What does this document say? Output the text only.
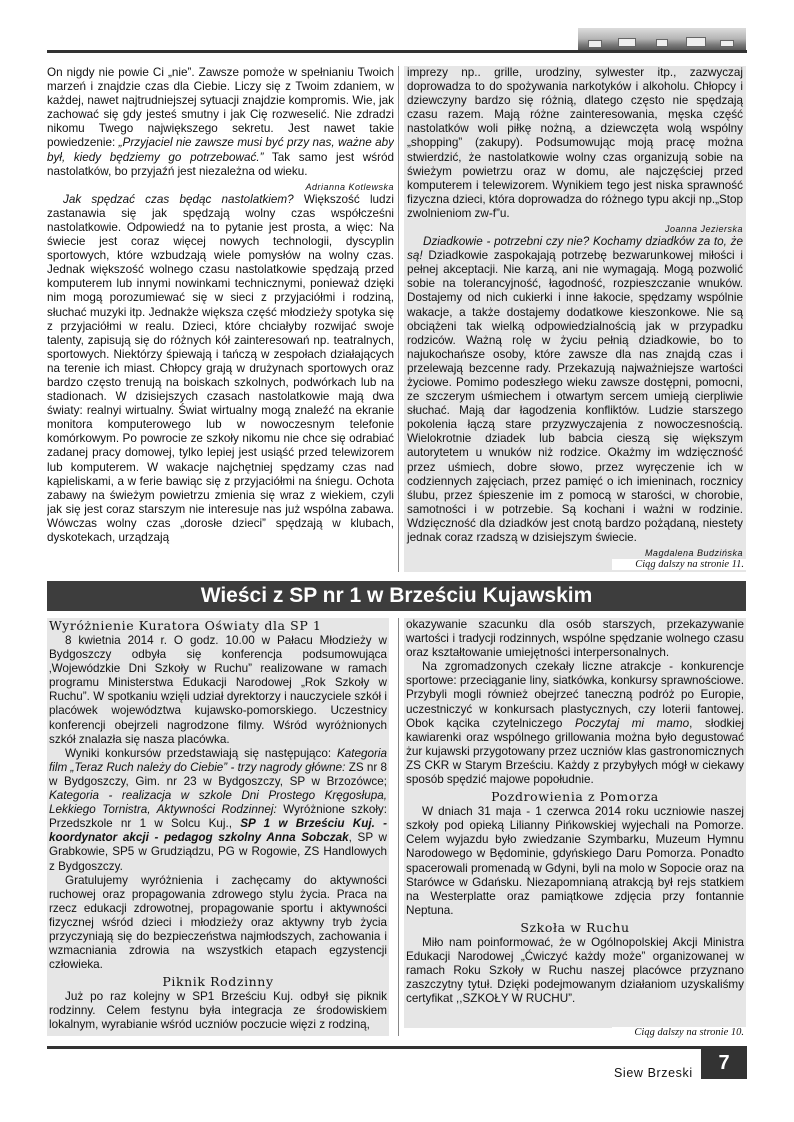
On nigdy nie powie Ci „nie”. Zawsze pomoże w spełnianiu Twoich marzeń i znajdzie czas dla Ciebie. Liczy się z Twoim zdaniem, w każdej, nawet najtrudniejszej sytuacji znajdzie kompromis. Wie, jak zachować się gdy jesteś smutny i jak Cię rozweselić. Nie zdradzi nikomu Twego największego sekretu. Jest nawet takie powiedzenie: „Przyjaciel nie zawsze musi być przy nas, ważne aby był, kiedy będziemy go potrzebować.” Tak samo jest wśród nastolatków, bo przyjaźń jest niezależna od wieku.

Adrianna Kotlewska

Jak spędzać czas będąc nastolatkiem? Większość ludzi zastanawia się jak spędzają wolny czas współcześni nastolatkowie. Odpowiedź na to pytanie jest prosta, a więc: Na świecie jest coraz więcej nowych technologii, dyscyplin sportowych, które wzbudzają wiele pomysłów na wolny czas. Jednak większość wolnego czasu nastolatkowie spędzają przed komputerem lub innymi nowinkami technicznymi, ponieważ dzięki nim mogą porozumiewać się w sieci z przyjaciółmi i rodziną, słuchać muzyki itp. Jednakże większa część młodzieży spotyka się z przyjaciółmi w realu. Dzieci, które chciałyby rozwijać swoje talenty, zapisują się do różnych kół zainteresowań np. teatralnych, sportowych. Niektórzy śpiewają i tańczą w zespołach działających na terenie ich miast. Chłopcy grają w drużynach sportowych oraz bardzo często trenują na boiskach szkolnych, podwórkach lub na stadionach. W dzisiejszych czasach nastolatkowie mają dwa światy: realnyi wirtualny. Świat wirtualny mogą znaleźć na ekranie monitora komputerowego lub w nowoczesnym telefonie komórkowym. Po powrocie ze szkoły nikomu nie chce się odrabiać zadanej pracy domowej, tylko lepiej jest usiąść przed telewizorem lub komputerem. W wakacje najchętniej spędzamy czas nad kąpieliskami, a w ferie bawiąc się z przyjaciółmi na śniegu. Ochota zabawy na świeżym powietrzu zmienia się wraz z wiekiem, czyli jak się jest coraz starszym nie interesuje nas już wspólna zabawa. Wówczas wolny czas „dorosłe dzieci” spędzają w klubach, dyskotekach, urządzają

imprezy np.. grille, urodziny, sylwester itp., zazwyczaj doprowadza to do spożywania narkotyków i alkoholu. Chłopcy i dziewczyny bardzo się różnią, dlatego często nie spędzają czasu razem. Mają różne zainteresowania, męska część nastolatków woli piłkę nożną, a dziewczęta wolą wspólny „shopping” (zakupy). Podsumowując moją pracę można stwierdzić, że nastolatkowie wolny czas organizują sobie na świeżym powietrzu oraz w domu, ale najczęściej przed komputerem i telewizorem. Wynikiem tego jest niska sprawność fizyczna dzieci, która doprowadza do różnego typu akcji np.„Stop zwolnieniom zw-f”u.

Joanna Jezierska

Dziadkowie - potrzebni czy nie? Kochamy dziadków za to, że są! Dziadkowie zaspokajają potrzebę bezwarunkowej miłości i pełnej akceptacji. Nie karzą, ani nie wymagają. Mogą pozwolić sobie na tolerancyjność, łagodność, rozpieszczanie wnuków. Dostajemy od nich cukierki i inne łakocie, spędzamy wspólnie wakacje, a także dostajemy dodatkowe kieszonkowe. Nie są obciążeni tak wielką odpowiedzialnością jak w przypadku rodziców. Ważną rolę w życiu pełnią dziadkowie, bo to najukochańsze osoby, które zawsze dla nas znajdą czas i przelewają bezcenne rady. Przekazują najważniejsze wartości życiowe. Pomimo podeszłego wieku zawsze dostępni, pomocni, ze szczerym uśmiechem i otwartym sercem umieją cierpliwie słuchać. Mają dar łagodzenia konfliktów. Ludzie starszego pokolenia łączą stare przyzwyczajenia z nowoczesnością. Wielokrotnie dziadek lub babcia cieszą się większym autorytetem u wnuków niż rodzice. Okażmy im wdzięczność przez uśmiech, dobre słowo, przez wyręczenie ich w codziennych zajęciach, przez pamięć o ich imieninach, rocznicy ślubu, przez śpieszenie im z pomocą w starości, w chorobie, samotności i w potrzebie. Są kochani i ważni w rodzinie. Wdzięczność dla dziadków jest cnotą bardzo pożądaną, niestety jednak coraz rzadszą w dzisiejszym świecie.

Magdalena Budzińska
Ciąg dalszy na stronie 11.
Wieści z SP nr 1 w Brześciu Kujawskim
Wyróżnienie Kuratora Oświaty dla SP 1

8 kwietnia 2014 r. O godz. 10.00 w Pałacu Młodzieży w Bydgoszczy odbyła się konferencja podsumowująca ‚Wojewódzkie Dni Szkoły w Ruchu” realizowane w ramach programu Ministerstwa Edukacji Narodowej „Rok Szkoły w Ruchu”. W spotkaniu wzięli udział dyrektorzy i nauczyciele szkół i placówek województwa kujawsko-pomorskiego. Uczestnicy konferencji obejrzeli nagrodzone filmy. Wśród wyróżnionych szkół znalazła się nasza placówka.

Wyniki konkursów przedstawiają się następująco: Kategoria film „Teraz Ruch należy do Ciebie” - trzy nagrody główne: ZS nr 8 w Bydgoszczy, Gim. nr 23 w Bydgoszczy, SP w Brzozówce; Kategoria - realizacja w szkole Dni Prostego Kręgosłupa, Lekkiego Tornistra, Aktywności Rodzinnej: Wyróżnione szkoły: Przedszkole nr 1 w Solcu Kuj., SP 1 w Brześciu Kuj. - koordynator akcji - pedagog szkolny Anna Sobczak, SP w Grabkowie, SP5 w Grudziądzu, PG w Rogowie, ZS Handlowych z Bydgoszczy.

Gratulujemy wyróżnienia i zachęcamy do aktywności ruchowej oraz propagowania zdrowego stylu życia. Praca na rzecz edukacji zdrowotnej, propagowanie sportu i aktywności fizycznej wśród dzieci i młodzieży oraz aktywny tryb życia przyczyniają się do bezpieczeństwa najmłodszych, zachowania i wzmacniania zdrowia na wszystkich etapach egzystencji człowieka.

Piknik Rodzinny

Już po raz kolejny w SP1 Brześciu Kuj. odbył się piknik rodzinny. Celem festynu była integracja ze środowiskiem lokalnym, wyrabianie wśród uczniów poczucie więzi z rodziną,

okazywanie szacunku dla osób starszych, przekazywanie wartości i tradycji rodzinnych, wspólne spędzanie wolnego czasu oraz kształtowanie umiejętności interpersonalnych.

Na zgromadzonych czekały liczne atrakcje - konkurencje sportowe: przeciąganie liny, siatkówka, konkursy sprawnościowe. Przybyli mogli również obejrzeć taneczną podróż po Europie, uczestniczyć w konkursach plastycznych, czy loterii fantowej. Obok kącika czytelniczego Poczytaj mi mamo, słodkiej kawiarenki oraz wspólnego grillowania można było degustować żur kujawski przygotowany przez uczniów klas gastronomicznych ZS CKR w Starym Brześciu. Każdy z przybyłych mógł w ciekawy sposób spędzić majowe popołudnie.

Pozdrowienia z Pomorza

W dniach 31 maja - 1 czerwca 2014 roku uczniowie naszej szkoły pod opieką Lilianny Pińkowskiej wyjechali na Pomorze. Celem wyjazdu było zwiedzanie Szymbarku, Muzeum Hymnu Narodowego w Będominie, gdyńskiego Daru Pomorza. Ponadto spacerowali promenadą w Gdyni, byli na molo w Sopocie oraz na Starówce w Gdańsku. Niezapomnianą atrakcją był rejs statkiem na Westerplatte oraz pamiątkowe zdjęcia przy fontannie Neptuna.

Szkoła w Ruchu

Miło nam poinformować, że w Ogólnopolskiej Akcji Ministra Edukacji Narodowej „Ćwiczyć każdy może” organizowanej w ramach Roku Szkoły w Ruchu naszej placówce przyznano zaszczytny tytuł. Dzięki podejmowanym działaniom uzyskaliśmy certyfikat ,,SZKOŁY W RUCHU”.

Ciąg dalszy na stronie 10.
Siew Brzeski	7
